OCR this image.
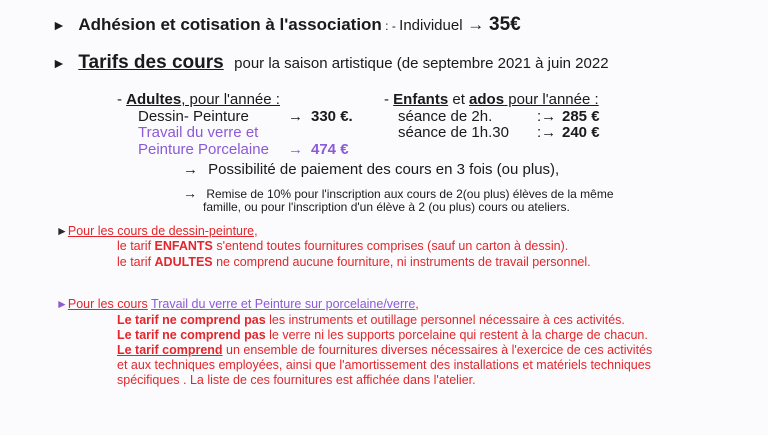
► Adhésion et cotisation à l'association : - Individuel → 35€
► Tarifs des cours pour la saison artistique (de septembre 2021 à juin 2022
- Adultes, pour l'année :
Dessin- Peinture	→ 330 €.
Travail du verre et
Peinture Porcelaine → 474 €
- Enfants et ados pour l'année :
séance de 2h.	:→ 285 €
séance de 1h.30 :→ 240 €
→ Possibilité de paiement des cours en 3 fois (ou plus),
→ Remise de 10% pour l'inscription aux cours de 2(ou plus) élèves de la même
famille, ou pour l'inscription d'un élève à 2 (ou plus) cours ou ateliers.
►Pour les cours de dessin-peinture,
le tarif ENFANTS s'entend toutes fournitures comprises (sauf un carton à dessin).
le tarif ADULTES ne comprend aucune fourniture, ni instruments de travail personnel.
►Pour les cours Travail du verre et Peinture sur porcelaine/verre,
Le tarif ne comprend pas les instruments et outillage personnel nécessaire à ces activités.
Le tarif ne comprend pas le verre ni les supports porcelaine qui restent à la charge de chacun.
Le tarif comprend un ensemble de fournitures diverses nécessaires à l'exercice de ces activités
et aux techniques employées, ainsi que l'amortissement des installations et matériels techniques
spécifiques . La liste de ces fournitures est affichée dans l'atelier.
